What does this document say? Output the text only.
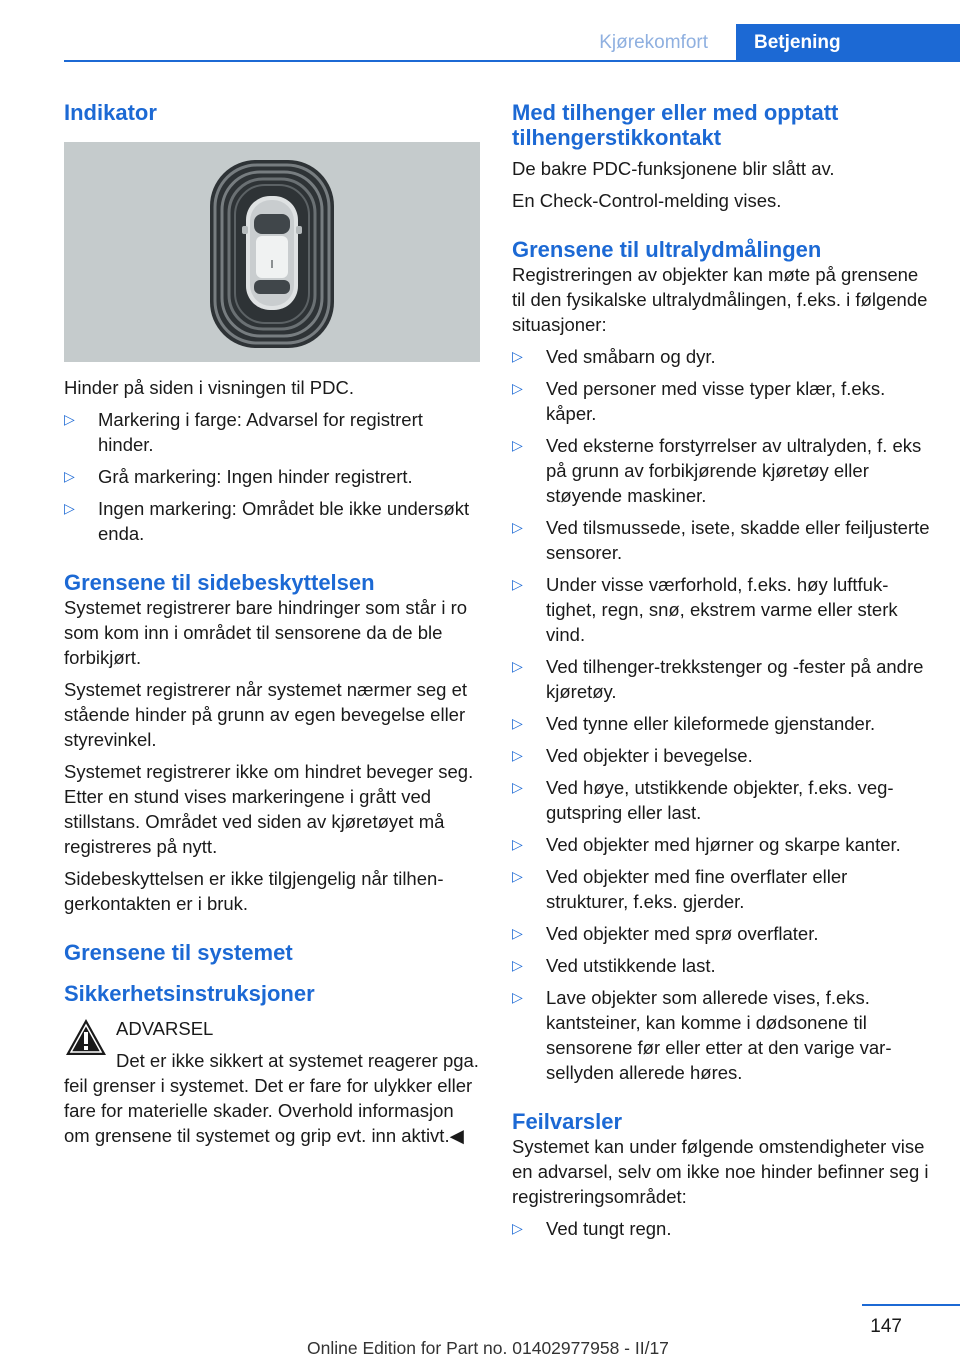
Kjørekomfort	Betjening
Indikator

Hinder på siden i visningen til PDC.

▷ Markering i farge: Advarsel for registrert hinder.
▷ Grå markering: Ingen hinder registrert.
▷ Ingen markering: Området ble ikke undersøkt enda.
Grensene til sidebeskyttelsen

Systemet registrerer bare hindringer som står i ro som kom inn i området til sensorene da de ble forbikjørt.

Systemet registrerer når systemet nærmer seg et stående hinder på grunn av egen bevegelse eller styrevinkel.

Systemet registrerer ikke om hindret beveger seg. Etter en stund vises markeringene i grått ved stillstans. Området ved siden av kjøretøyet må registreres på nytt.

Sidebeskyttelsen er ikke tilgjengelig når tilhengerkontakten er i bruk.

Grensene til systemet
Sikkerhetsinstruksjoner

ADVARSEL

Det er ikke sikkert at systemet reagerer pga. feil grenser i systemet. Det er fare for ulykker eller fare for materielle skader. Overhold informasjon om grensene til systemet og grip evt. inn aktivt.◀

Med tilhenger eller med opptatt tilhengerstikkontakt

De bakre PDC-funksjonene blir slått av.

En Check-Control-melding vises.

Grensene til ultralydmålingen

Registreringen av objekter kan møte på grensene til den fysikalske ultralydmålingen, f.eks. i følgende situasjoner:

▷ Ved småbarn og dyr.
▷ Ved personer med visse typer klær, f.eks. kåper.
▷ Ved eksterne forstyrrelser av ultralyden, f. eks på grunn av forbikjørende kjøretøy eller støyende maskiner.
▷ Ved tilsmussede, isete, skadde eller feiljusterte sensorer.
▷ Under visse værforhold, f.eks. høy luftfuktighet, regn, snø, ekstrem varme eller sterk vind.
▷ Ved tilhenger-trekkstenger og -fester på andre kjøretøy.
▷ Ved tynne eller kileformede gjenstander.
▷ Ved objekter i bevegelse.
▷ Ved høye, utstikkende objekter, f.eks. veggutspring eller last.
▷ Ved objekter med hjørner og skarpe kanter.
▷ Ved objekter med fine overflater eller strukturer, f.eks. gjerder.
▷ Ved objekter med sprø overflater.
▷ Ved utstikkende last.
▷ Lave objekter som allerede vises, f.eks. kantsteiner, kan komme i dødsonene til sensorene før eller etter at den varige varsellyden allerede høres.
Feilvarsler

Systemet kan under følgende omstendigheter vise en advarsel, selv om ikke noe hinder befinner seg i registreringsområdet:

▷ Ved tungt regn.
147
Online Edition for Part no. 01402977958 - II/17
